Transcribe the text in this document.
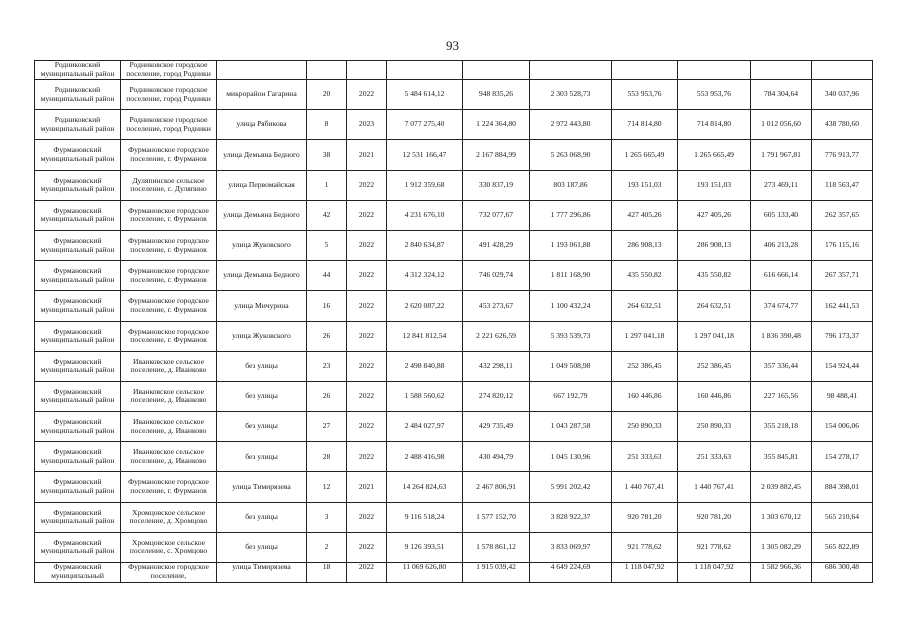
93
Родниковский муниципальный район	Родниковское городское поселение, город Родники										

Родниковский муниципальный район	Родниковское городское поселение, город Родники	микрорайон Гагарина	20	2022	5 484 614,12	948 835,26	2 303 528,73	553 953,76	553 953,76	784 304,64	340 037,96

Родниковский муниципальный район	Родниковское городское поселение, город Родники	улица Рябикова	8	2023	7 077 275,40	1 224 364,80	2 972 443,80	714 814,80	714 814,80	1 012 056,60	438 780,60

Фурмановский муниципальный район	Фурмановское городское поселение, г. Фурманов	улица Демьяна Бедного	38	2021	12 531 166,47	2 167 884,99	5 263 068,90	1 265 665,49	1 265 665,49	1 791 967,81	776 913,77

Фурмановский муниципальный район	Дуляпинское сельское поселение, с. Дуляпино	улица Первомайская	1	2022	1 912 359,68	330 837,19	803 187,86	193 151,03	193 151,03	273 469,11	118 563,47

Фурмановский муниципальный район	Фурмановское городское поселение, г. Фурманов	улица Демьяна Бедного	42	2022	4 231 676,10	732 077,67	1 777 296,86	427 405,26	427 405,26	605 133,40	262 357,65

Фурмановский муниципальный район	Фурмановское городское поселение, г. Фурманов	улица Жуковского	5	2022	2 840 634,87	491 428,29	1 193 061,88	286 908,13	286 908,13	406 213,28	176 115,16

Фурмановский муниципальный район	Фурмановское городское поселение, г. Фурманов	улица Демьяна Бедного	44	2022	4 312 324,12	746 029,74	1 811 168,90	435 550,82	435 550,82	616 666,14	267 357,71

Фурмановский муниципальный район	Фурмановское городское поселение, г. Фурманов	улица Мичурина	16	2022	2 620 087,22	453 273,67	1 100 432,24	264 632,51	264 632,51	374 674,77	162 441,53

Фурмановский муниципальный район	Фурмановское городское поселение, г. Фурманов	улица Жуковского	26	2022	12 841 812,54	2 221 626,59	5 393 539,73	1 297 041,18	1 297 041,18	1 836 390,48	796 173,37

Фурмановский муниципальный район	Иванковское сельское поселение, д. Иванково	без улицы	23	2022	2 498 840,88	432 298,11	1 049 508,98	252 386,45	252 386,45	357 336,44	154 924,44

Фурмановский муниципальный район	Иванковское сельское поселение, д. Иванково	без улицы	26	2022	1 588 560,62	274 820,12	667 192,79	160 446,86	160 446,86	227 165,56	98 488,41

Фурмановский муниципальный район	Иванковское сельское поселение, д. Иванково	без улицы	27	2022	2 484 027,97	429 735,49	1 043 287,58	250 890,33	250 890,33	355 218,18	154 006,06

Фурмановский муниципальный район	Иванковское сельское поселение, д. Иванково	без улицы	28	2022	2 488 416,98	430 494,79	1 045 130,96	251 333,63	251 333,63	355 845,81	154 278,17

Фурмановский муниципальный район	Фурмановское городское поселение, г. Фурманов	улица Тимирязева	12	2021	14 264 824,63	2 467 806,91	5 991 202,42	1 440 767,41	1 440 767,41	2 039 882,45	884 398,01

Фурмановский муниципальный район	Хромцовское сельское поселение, д. Хромцово	без улицы	3	2022	9 116 518,24	1 577 152,70	3 828 922,37	920 781,20	920 781,20	1 303 670,12	565 210,64

Фурмановский муниципальный район	Хромцовское сельское поселение, с. Хромцово	без улицы	2	2022	9 126 393,51	1 578 861,12	3 833 069,97	921 778,62	921 778,62	1 305 082,29	565 822,89

Фурмановский муниципальный	Фурмановское городское поселение,	улица Тимирязева	18	2022	11 069 626,80	1 915 039,42	4 649 224,69	1 118 047,92	1 118 047,92	1 582 966,36	686 300,48
